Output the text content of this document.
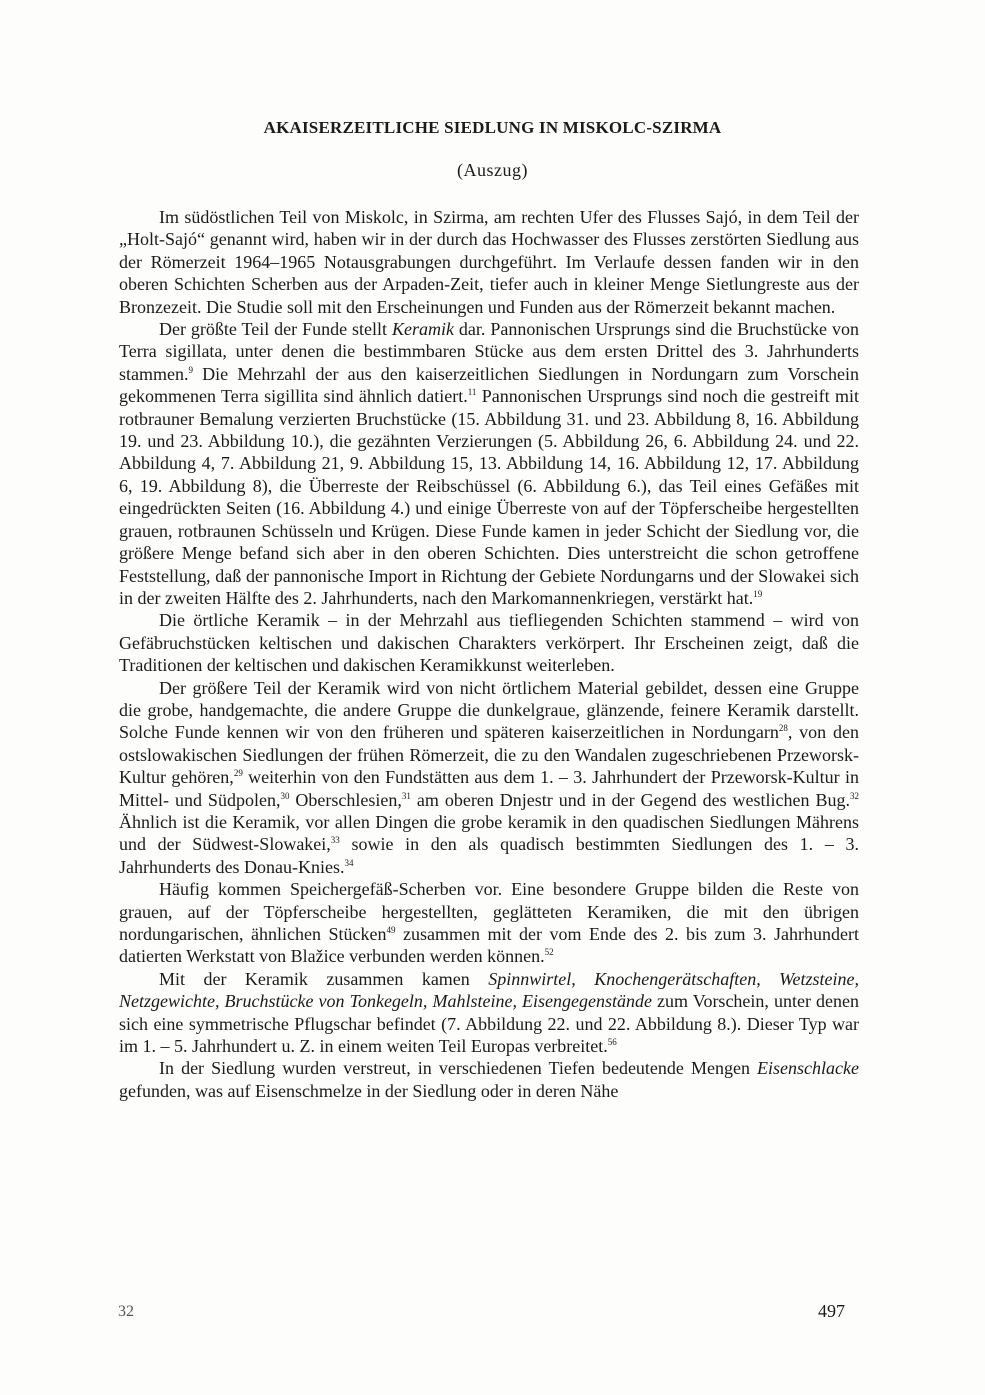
AKAISERZEITLICHE SIEDLUNG IN MISKOLC-SZIRMA
(Auszug)

Im südöstlichen Teil von Miskolc, in Szirma, am rechten Ufer des Flusses Sajó, in dem Teil der „Holt-Sajó“ genannt wird, haben wir in der durch das Hochwasser des Flusses zerstörten Siedlung aus der Römerzeit 1964–1965 Notausgrabungen durchgeführt. Im Verlaufe dessen fanden wir in den oberen Schichten Scherben aus der Arpaden-Zeit, tiefer auch in kleiner Menge Sietlungreste aus der Bronzezeit. Die Studie soll mit den Erscheinungen und Funden aus der Römerzeit bekannt machen.

Der größte Teil der Funde stellt Keramik dar. Pannonischen Ursprungs sind die Bruchstücke von Terra sigillata, unter denen die bestimmbaren Stücke aus dem ersten Drittel des 3. Jahrhunderts stammen.$^9$ Die Mehrzahl der aus den kaiserzeitlichen Siedlungen in Nordungarn zum Vorschein gekommenen Terra sigillita sind ähnlich datiert.$^{11}$ Pannonischen Ursprungs sind noch die gestreift mit rotbrauner Bemalung verzierten Bruchstücke (15. Abbildung 31. und 23. Abbildung 8, 16. Abbildung 19. und 23. Abbildung 10.), die gezähnten Verzierungen (5. Abbildung 26, 6. Abbildung 24. und 22. Abbildung 4, 7. Abbildung 21, 9. Abbildung 15, 13. Abbildung 14, 16. Abbildung 12, 17. Abbildung 6, 19. Abbildung 8), die Überreste der Reibschüssel (6. Abbildung 6.), das Teil eines Gefäßes mit eingedrückten Seiten (16. Abbildung 4.) und einige Überreste von auf der Töpferscheibe hergestellten grauen, rotbraunen Schüsseln und Krügen. Diese Funde kamen in jeder Schicht der Siedlung vor, die größere Menge befand sich aber in den oberen Schichten. Dies unterstreicht die schon getroffene Feststellung, daß der pannonische Import in Richtung der Gebiete Nordungarns und der Slowakei sich in der zweiten Hälfte des 2. Jahrhunderts, nach den Markomannenkriegen, verstärkt hat.$^{19}$

Die örtliche Keramik – in der Mehrzahl aus tiefliegenden Schichten stammend – wird von Gefäbruchstücken keltischen und dakischen Charakters verkörpert. Ihr Erscheinen zeigt, daß die Traditionen der keltischen und dakischen Keramikkunst weiterleben.

Der größere Teil der Keramik wird von nicht örtlichem Material gebildet, dessen eine Gruppe die grobe, handgemachte, die andere Gruppe die dunkelgraue, glänzende, feinere Keramik darstellt. Solche Funde kennen wir von den früheren und späteren kaiserzeitlichen in Nordungarn$^{28}$, von den ostslowakischen Siedlungen der frühen Römerzeit, die zu den Wandalen zugeschriebenen Przeworsk-Kultur gehören,$^{29}$ weiterhin von den Fundstätten aus dem 1. – 3. Jahrhundert der Przeworsk-Kultur in Mittel- und Südpolen,$^{30}$ Oberschlesien,$^{31}$ am oberen Dnjestr und in der Gegend des westlichen Bug.$^{32}$ Ähnlich ist die Keramik, vor allen Dingen die grobe keramik in den quadischen Siedlungen Mährens und der Südwest-Slowakei,$^{33}$ sowie in den als quadisch bestimmten Siedlungen des 1. – 3. Jahrhunderts des Donau-Knies.$^{34}$

Häufig kommen Speichergefäß-Scherben vor. Eine besondere Gruppe bilden die Reste von grauen, auf der Töpferscheibe hergestellten, geglätteten Keramiken, die mit den übrigen nordungarischen, ähnlichen Stücken$^{49}$ zusammen mit der vom Ende des 2. bis zum 3. Jahrhundert datierten Werkstatt von Blažice verbunden werden können.$^{52}$

Mit der Keramik zusammen kamen Spinnwirtel, Knochengerätschaften, Wetzsteine, Netzgewichte, Bruchstücke von Tonkegeln, Mahlsteine, Eisengegenstände zum Vorschein, unter denen sich eine symmetrische Pflugschar befindet (7. Abbildung 22. und 22. Abbildung 8.). Dieser Typ war im 1. – 5. Jahrhundert u. Z. in einem weiten Teil Europas verbreitet.$^{56}$

In der Siedlung wurden verstreut, in verschiedenen Tiefen bedeutende Mengen Eisenschlacke gefunden, was auf Eisenschmelze in der Siedlung oder in deren Nähe

32	497
